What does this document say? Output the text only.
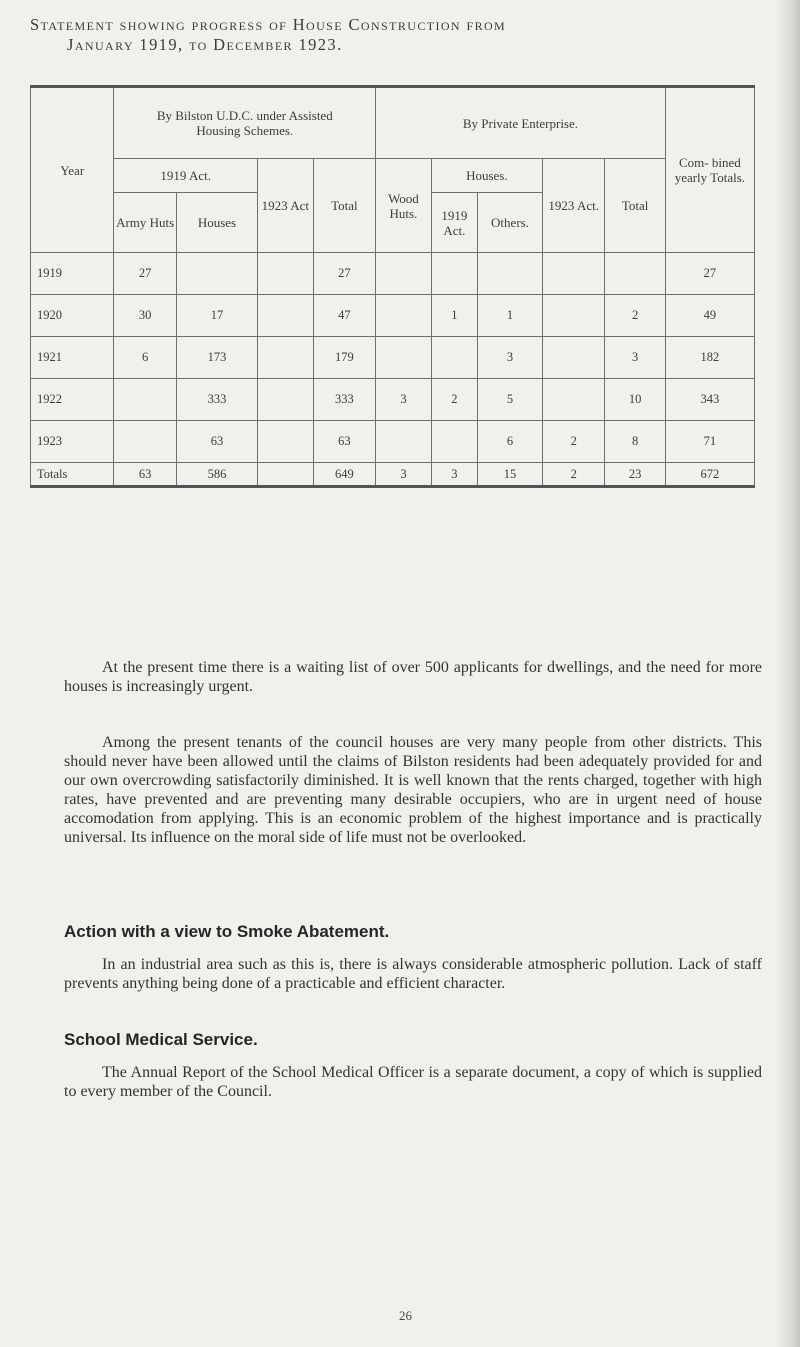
Statement showing progress of House Construction from
January 1919, to December 1923.
Year	By Bilston U.D.C. under Assisted Housing Schemes.				By Private Enterprise.					Com- bined yearly Totals.
	1919 Act.		1923 Act	Total	Wood Huts.	Houses.		1923 Act.	Total	
	Army Huts	Houses				1919 Act.	Others.			
1919	27			27						27
1920	30	17		47		1	1		2	49
1921	6	173		179			3		3	182
1922		333		333	3	2	5		10	343
1923		63		63			6	2	8	71
Totals	63	586		649	3	3	15	2	23	672
At the present time there is a waiting list of over 500 applicants for dwellings, and the need for more houses is increasingly urgent.
Among the present tenants of the council houses are very many people from other districts. This should never have been allowed until the claims of Bilston residents had been adequately provided for and our own overcrowding satisfactorily diminished. It is well known that the rents charged, together with high rates, have prevented and are preventing many desirable occupiers, who are in urgent need of house accomodation from applying. This is an economic problem of the highest importance and is practically universal. Its influence on the moral side of life must not be overlooked.
Action with a view to Smoke Abatement.
In an industrial area such as this is, there is always considerable atmospheric pollution. Lack of staff prevents anything being done of a practicable and efficient character.
School Medical Service.
The Annual Report of the School Medical Officer is a separate document, a copy of which is supplied to every member of the Council.
26
